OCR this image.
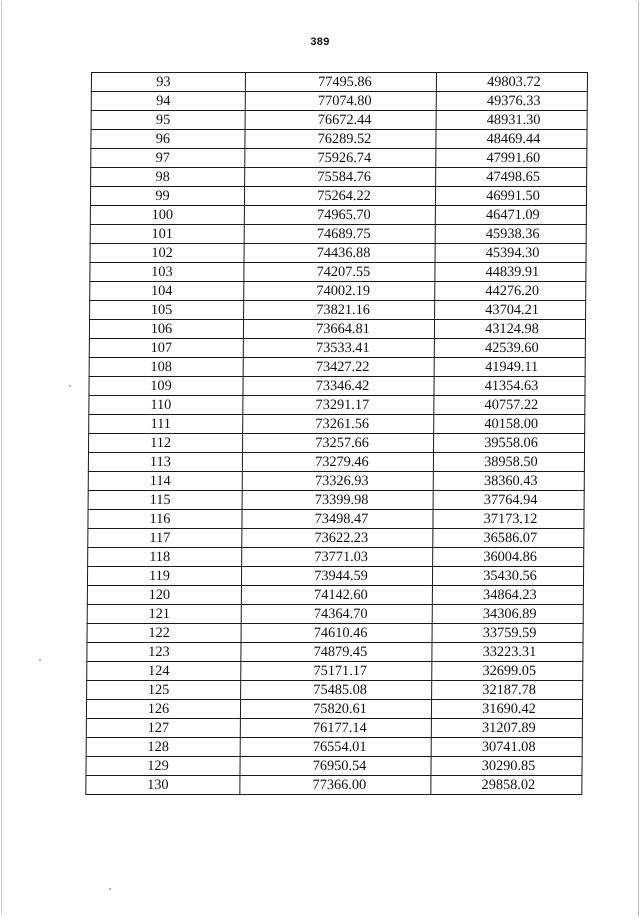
389
93	77495.86	49803.72
94	77074.80	49376.33
95	76672.44	48931.30
96	76289.52	48469.44
97	75926.74	47991.60
98	75584.76	47498.65
99	75264.22	46991.50
100	74965.70	46471.09
101	74689.75	45938.36
102	74436.88	45394.30
103	74207.55	44839.91
104	74002.19	44276.20
105	73821.16	43704.21
106	73664.81	43124.98
107	73533.41	42539.60
108	73427.22	41949.11
109	73346.42	41354.63
110	73291.17	40757.22
111	73261.56	40158.00
112	73257.66	39558.06
113	73279.46	38958.50
114	73326.93	38360.43
115	73399.98	37764.94
116	73498.47	37173.12
117	73622.23	36586.07
118	73771.03	36004.86
119	73944.59	35430.56
120	74142.60	34864.23
121	74364.70	34306.89
122	74610.46	33759.59
123	74879.45	33223.31
124	75171.17	32699.05
125	75485.08	32187.78
126	75820.61	31690.42
127	76177.14	31207.89
128	76554.01	30741.08
129	76950.54	30290.85
130	77366.00	29858.02
